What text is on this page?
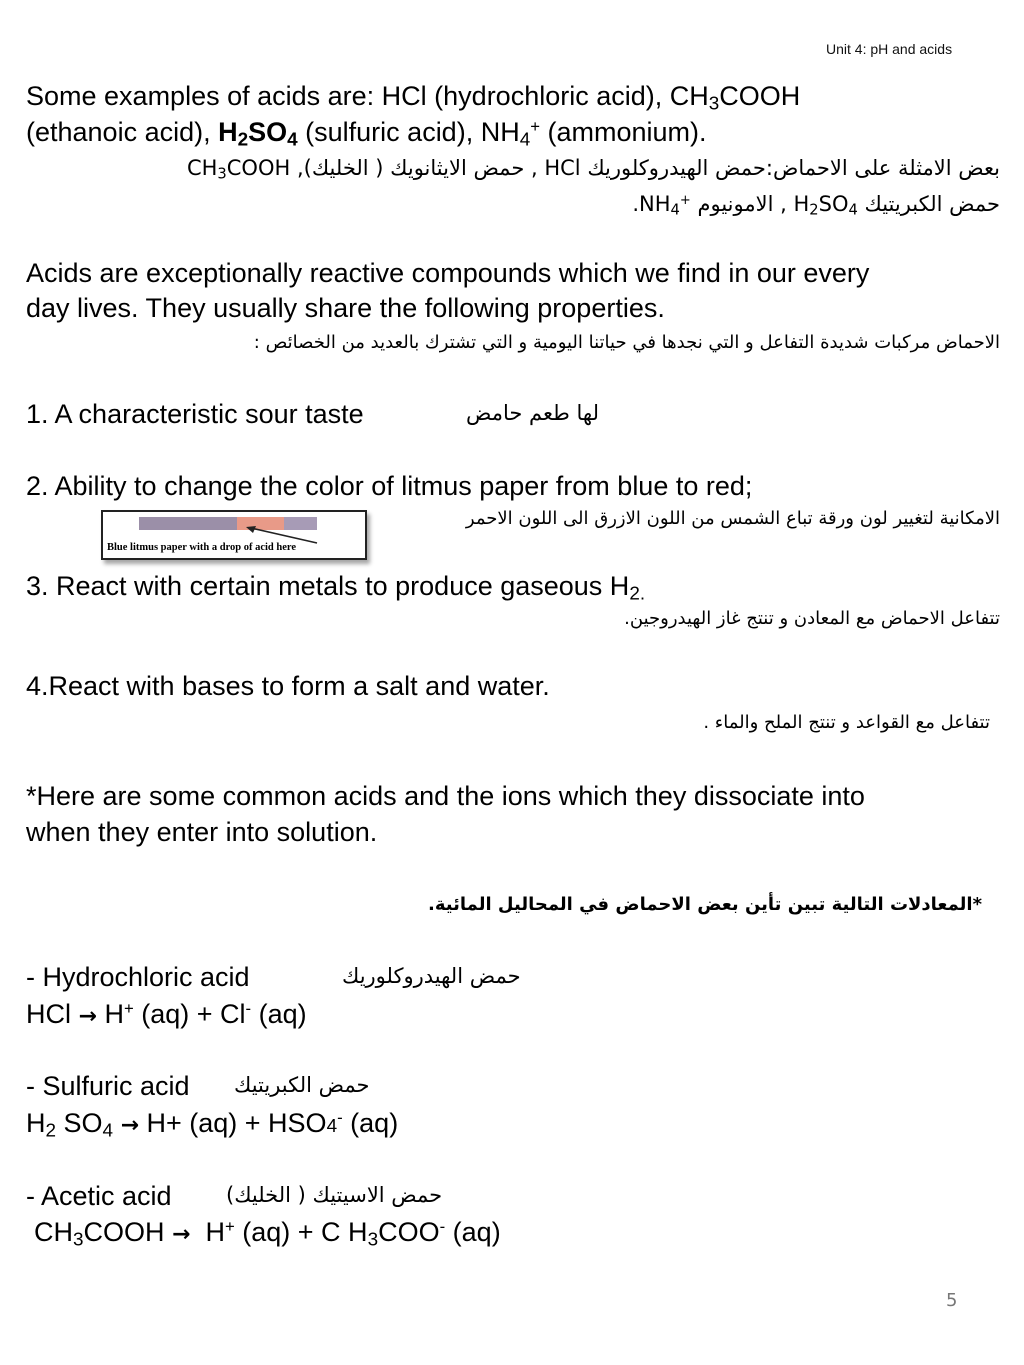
Unit 4: pH and acids
Some examples of acids are: HCl (hydrochloric acid), $CH_3COOH$
(ethanoic acid), $H_2SO_4$ (sulfuric acid), $NH_4^+$ (ammonium).
بعض الامثلة على الاحماض:حمض الهيدروكلوريك HCl , حمض الايثانويك ( $الخليك)CH_3COOH$ ,
حمض الكبريتيك $H_2SO_4$ , الامونيوم $NH_4^+$.
Acids are exceptionally reactive compounds which we find in our every
day lives. They usually share the following properties.
الاحماض مركبات شديدة التفاعل و التي نجدها في حياتنا اليومية و التي تشترك بالعديد من الخصائص :
1. A characteristic sour taste	لها طعم حامض
2. Ability to change the color of litmus paper from blue to red;
الامكانية لتغيير لون ورقة تباع الشمس من اللون الازرق الى اللون الاحمر
Blue litmus paper with a drop of acid here
3. React with certain metals to produce gaseous $H_{2.}$
تتفاعل الاحماض مع المعادن و تنتج غاز الهيدروجين.
4.React with bases to form a salt and water.
تتفاعل مع القواعد و تنتج الملح والماء .
*Here are some common acids and the ions which they dissociate into
when they enter into solution.
*المعادلات التالية تبين تأين بعض الاحماض في المحاليل المائية.
- Hydrochloric acid	حمض الهيدروكلوريك
HCl → H+ (aq) + Cl- (aq)
- Sulfuric acid حمض الكبريتيك
$H_2$ $SO_4 \to H+ (aq) + HSO4^-$ (aq)
- Acetic acid	حمض الاسيتيك ( الخليك)
$CH_3COOH \to H^+$ (aq) + C $H_3COO^-$ (aq)
5
